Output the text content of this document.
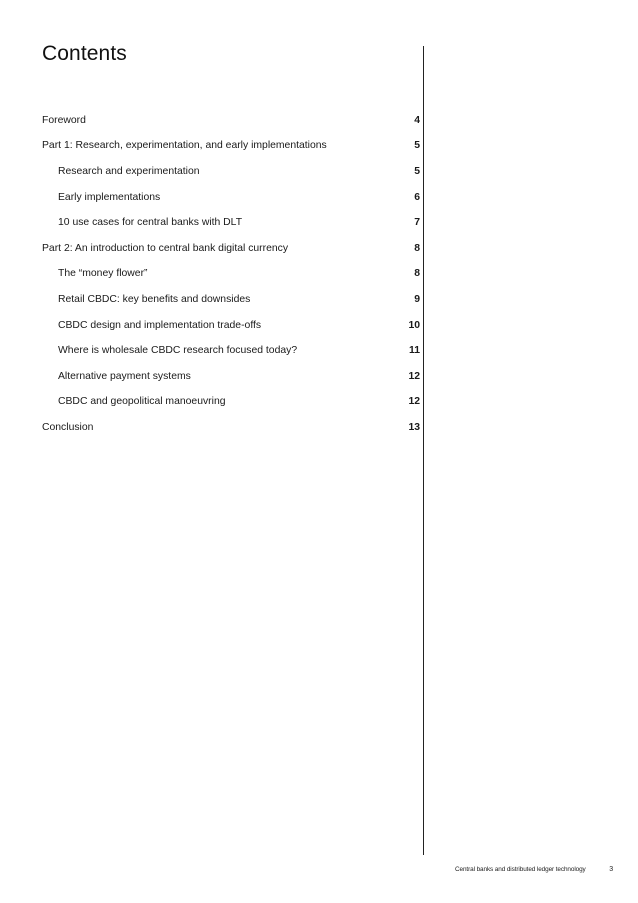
Contents
Foreword	4
Part 1: Research, experimentation, and early implementations	5
Research and experimentation	5
Early implementations	6
10 use cases for central banks with DLT	7
Part 2: An introduction to central bank digital currency	8
The “money flower”	8
Retail CBDC: key benefits and downsides	9
CBDC design and implementation trade-offs	10
Where is wholesale CBDC research focused today?	11
Alternative payment systems	12
CBDC and geopolitical manoeuvring	12
Conclusion	13
Central banks and distributed ledger technology	3
